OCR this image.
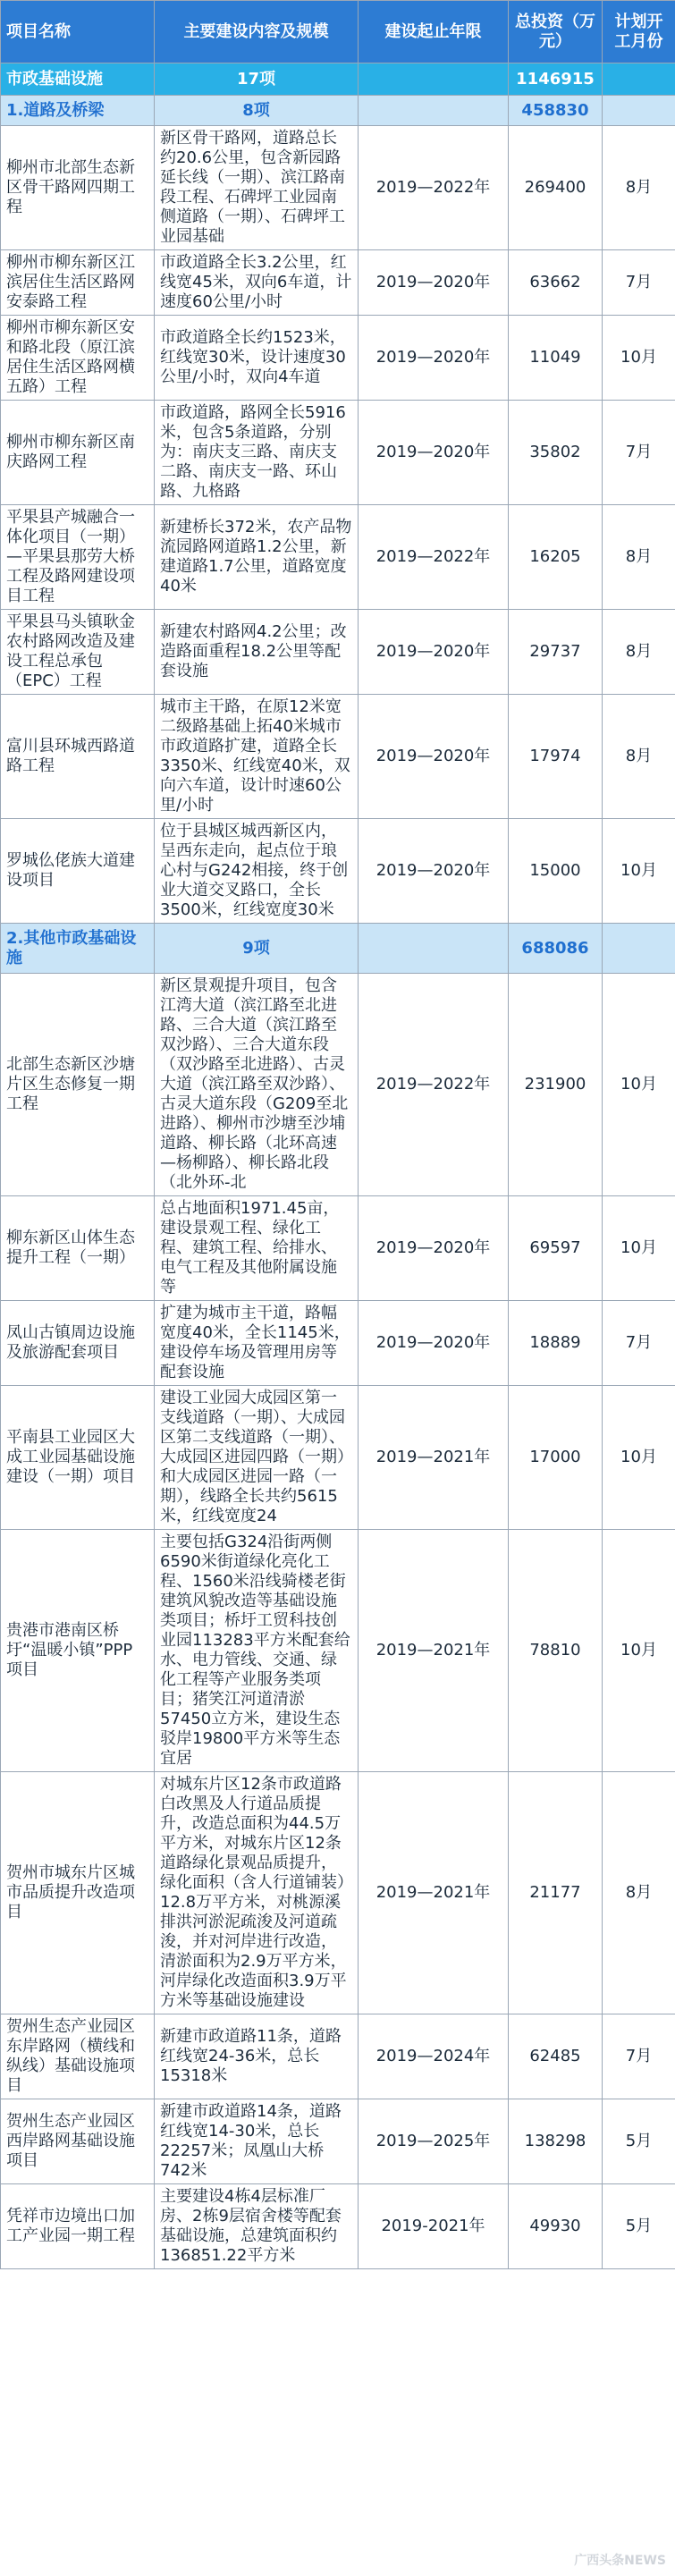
项目名称	主要建设内容及规模	建设起止年限	总投资（万元）	计划开工月份
市政基础设施	17项		1146915	
1.道路及桥梁	8项		458830	
柳州市北部生态新区骨干路网四期工程	新区骨干路网，道路总长约20.6公里，包含新园路延长线（一期）、滨江路南段工程、石碑坪工业园南侧道路（一期）、石碑坪工业园基础	2019—2022年	269400	8月
柳州市柳东新区江滨居住生活区路网安泰路工程	市政道路全长3.2公里，红线宽45米，双向6车道，计速度60公里/小时	2019—2020年	63662	7月
柳州市柳东新区安和路北段（原江滨居住生活区路网横五路）工程	市政道路全长约1523米，红线宽30米，设计速度30公里/小时，双向4车道	2019—2020年	11049	10月
柳州市柳东新区南庆路网工程	市政道路，路网全长5916米，包含5条道路，分别为：南庆支三路、南庆支二路、南庆支一路、环山路、九格路	2019—2020年	35802	7月
平果县产城融合一体化项目（一期）—平果县那劳大桥工程及路网建设项目工程	新建桥长372米，农产品物流园路网道路1.2公里，新建道路1.7公里，道路宽度40米	2019—2022年	16205	8月
平果县马头镇耿金农村路网改造及建设工程总承包（EPC）工程	新建农村路网4.2公里；改造路面重程18.2公里等配套设施	2019—2020年	29737	8月
富川县环城西路道路工程	城市主干路，在原12米宽二级路基础上拓40米城市市政道路扩建，道路全长3350米、红线宽40米，双向六车道，设计时速60公里/小时	2019—2020年	17974	8月
罗城仫佬族大道建设项目	位于县城区城西新区内，呈西东走向，起点位于琅心村与G242相接，终于创业大道交叉路口，全长3500米，红线宽度30米	2019—2020年	15000	10月
2.其他市政基础设施	9项		688086	
北部生态新区沙塘片区生态修复一期工程	新区景观提升项目，包含江湾大道（滨江路至北进路、三合大道（滨江路至双沙路）、三合大道东段（双沙路至北进路）、古灵大道（滨江路至双沙路）、古灵大道东段（G209至北进路）、柳州市沙塘至沙埔道路、柳长路（北环高速—杨柳路）、柳长路北段（北外环-北	2019—2022年	231900	10月
柳东新区山体生态提升工程（一期）	总占地面积1971.45亩，建设景观工程、绿化工程、建筑工程、给排水、电气工程及其他附属设施等	2019—2020年	69597	10月
凤山古镇周边设施及旅游配套项目	扩建为城市主干道，路幅宽度40米，全长1145米，建设停车场及管理用房等配套设施	2019—2020年	18889	7月
平南县工业园区大成工业园基础设施建设（一期）项目	建设工业园大成园区第一支线道路（一期）、大成园区第二支线道路（一期）、大成园区进园四路（一期）和大成园区进园一路（一期），线路全长共约5615米，红线宽度24	2019—2021年	17000	10月
贵港市港南区桥圩“温暖小镇”PPP项目	主要包括G324沿街两侧6590米街道绿化亮化工程、1560米沿线骑楼老街建筑风貌改造等基础设施类项目；桥圩工贸科技创业园113283平方米配套给水、电力管线、交通、绿化工程等产业服务类项目；猪笑江河道清淤57450立方米，建设生态驳岸19800平方米等生态宜居	2019—2021年	78810	10月
贺州市城东片区城市品质提升改造项目	对城东片区12条市政道路白改黑及人行道品质提升，改造总面积为44.5万平方米，对城东片区12条道路绿化景观品质提升，绿化面积（含人行道铺装）12.8万平方米，对桃源溪排洪河淤泥疏浚及河道疏浚，并对河岸进行改造，清淤面积为2.9万平方米，河岸绿化改造面积3.9万平方米等基础设施建设	2019—2021年	21177	8月
贺州生态产业园区东岸路网（横线和纵线）基础设施项目	新建市政道路11条，道路红线宽24-36米，总长15318米	2019—2024年	62485	7月
贺州生态产业园区西岸路网基础设施项目	新建市政道路14条，道路红线宽14-30米，总长22257米；凤凰山大桥742米	2019—2025年	138298	5月
凭祥市边境出口加工产业园一期工程	主要建设4栋4层标准厂房、2栋9层宿舍楼等配套基础设施，总建筑面积约136851.22平方米	2019-2021年	49930	5月
广西头条NEWS
